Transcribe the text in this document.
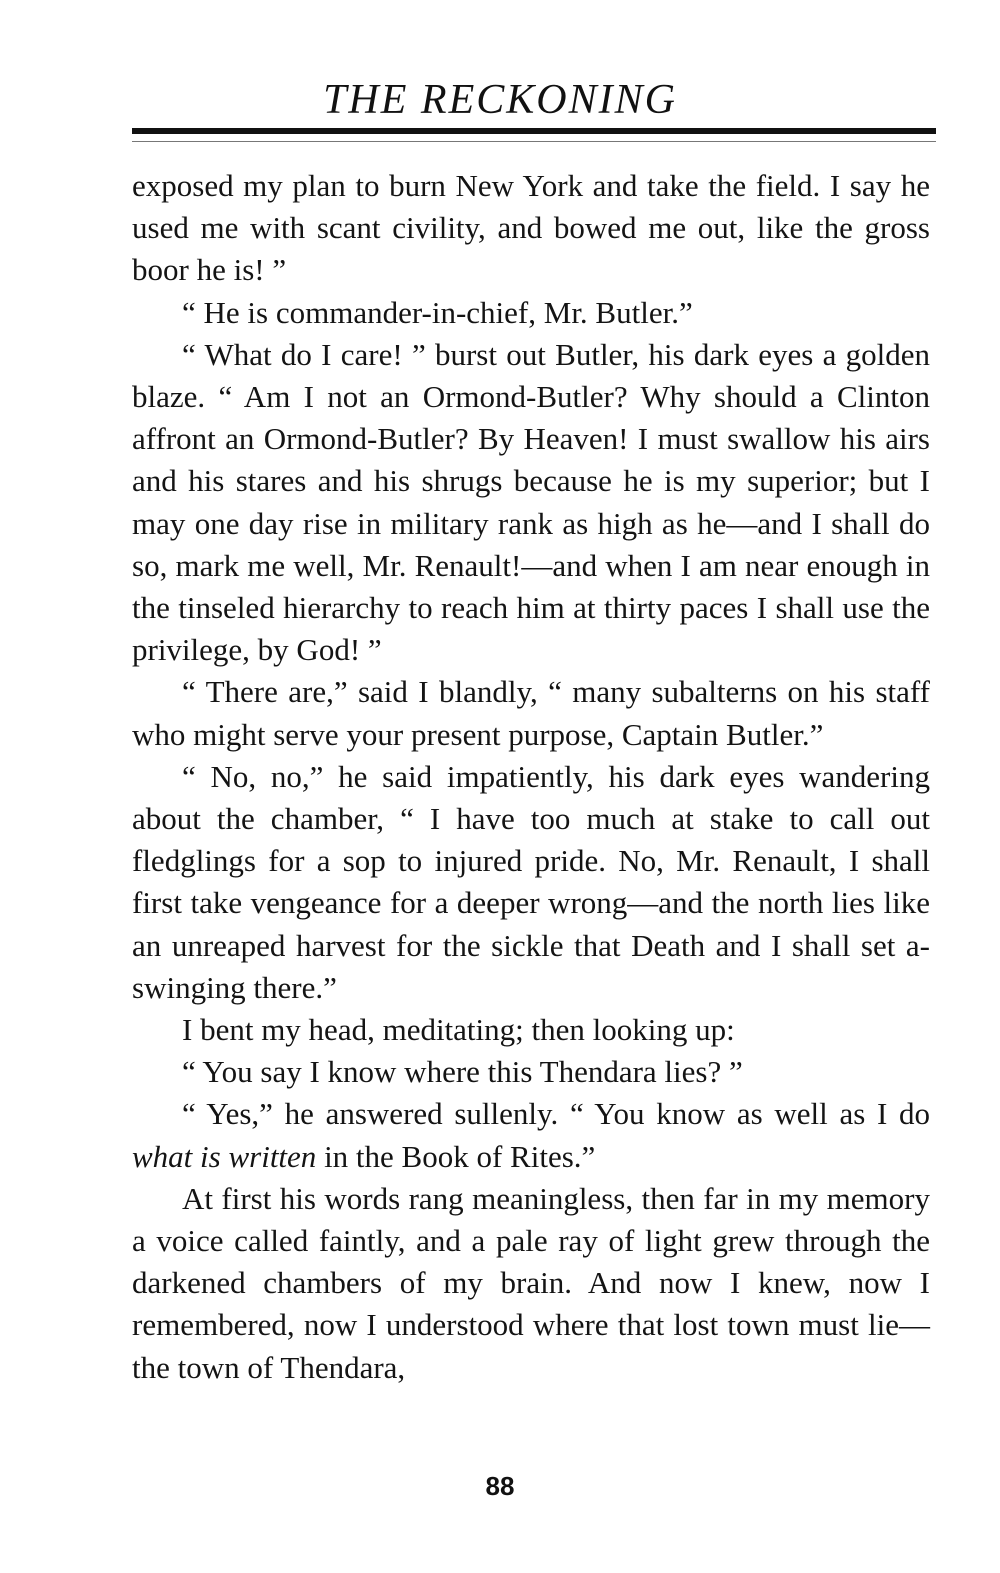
THE RECKONING

exposed my plan to burn New York and take the field. I say he used me with scant civility, and bowed me out, like the gross boor he is! ”

“ He is commander-in-chief, Mr. Butler.”

“ What do I care! ” burst out Butler, his dark eyes a golden blaze. “ Am I not an Ormond-Butler? Why should a Clinton affront an Ormond-Butler? By Heaven! I must swallow his airs and his stares and his shrugs because he is my superior; but I may one day rise in military rank as high as he—and I shall do so, mark me well, Mr. Renault!—and when I am near enough in the tinseled hierarchy to reach him at thirty paces I shall use the privilege, by God! ”

“ There are,” said I blandly, “ many subalterns on his staff who might serve your present purpose, Captain Butler.”

“ No, no,” he said impatiently, his dark eyes wandering about the chamber, “ I have too much at stake to call out fledglings for a sop to injured pride. No, Mr. Renault, I shall first take vengeance for a deeper wrong—and the north lies like an unreaped harvest for the sickle that Death and I shall set a-swinging there.”

I bent my head, meditating; then looking up:

“ You say I know where this Thendara lies? ”

“ Yes,” he answered sullenly. “ You know as well as I do what is written in the Book of Rites.”

At first his words rang meaningless, then far in my memory a voice called faintly, and a pale ray of light grew through the darkened chambers of my brain. And now I knew, now I remembered, now I understood where that lost town must lie—the town of Thendara,

88
